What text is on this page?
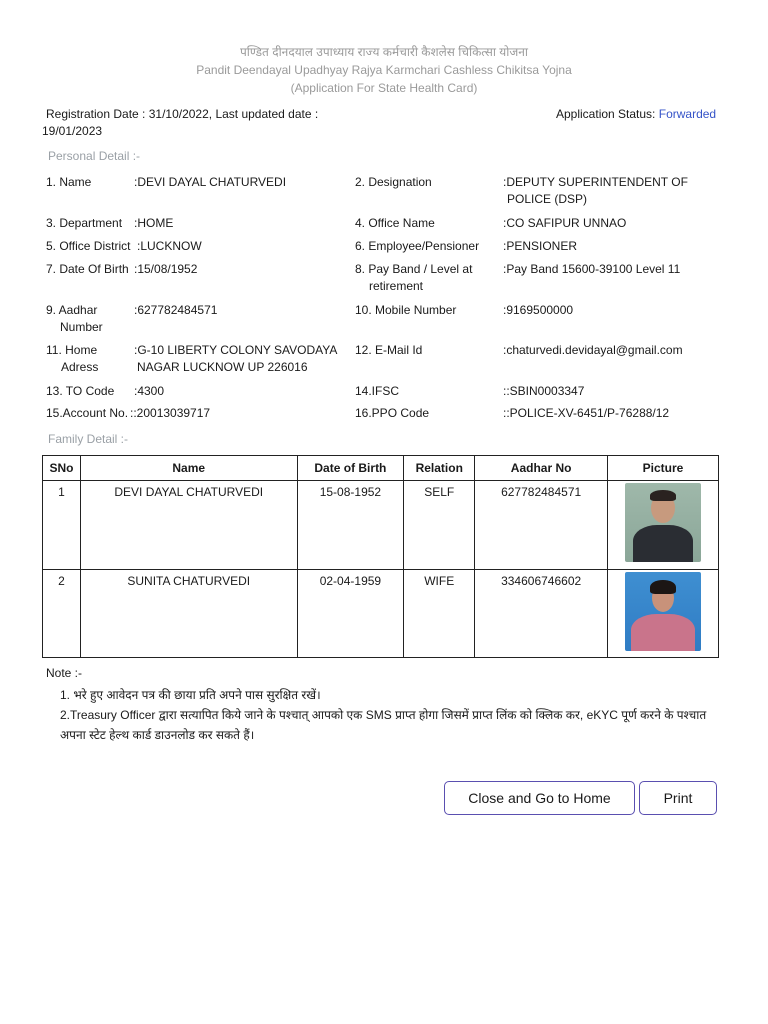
पण्डित दीनदयाल उपाध्याय राज्य कर्मचारी कैशलेस चिकित्सा योजना
Pandit Deendayal Upadhyay Rajya Karmchari Cashless Chikitsa Yojna
(Application For State Health Card)
Registration Date : 31/10/2022, Last updated date :
19/01/2023
Application Status: Forwarded
Personal Detail :-
1. Name	:DEVI DAYAL CHATURVEDI	2. Designation	:DEPUTY SUPERINTENDENT OF
POLICE (DSP)
3. Department :HOME	4. Office Name	:CO SAFIPUR UNNAO
5. Office District :LUCKNOW	6. Employee/Pensioner :PENSIONER
7. Date Of Birth :15/08/1952	8. Pay Band / Level at
retirement
:Pay Band 15600-39100 Level 11
9. Aadhar
Number
:627782484571	10. Mobile Number	:9169500000
11. Home
Adress
:G-10 LIBERTY COLONY SAVODAYA
NAGAR LUCKNOW UP 226016
12. E-Mail Id	:chaturvedi.devidayal@gmail.com
13. TO Code :4300	14.IFSC	::SBIN0003347
15.Account No. ::20013039717	16.PPO Code	::POLICE-XV-6451/P-76288/12
Family Detail :-
SNo	Name	Date of Birth	Relation	Aadhar No	Picture
1	DEVI DAYAL CHATURVEDI	15-08-1952	SELF	627782484571	

2	SUNITA CHATURVEDI	02-04-1959	WIFE	334606746602	
Note :-
1. भरे हुए आवेदन पत्र की छाया प्रति अपने पास सुरक्षित रखें।
2.Treasury Officer द्वारा सत्यापित किये जाने के पश्चात् आपको एक SMS प्राप्त होगा जिसमें प्राप्त लिंक को क्लिक कर, eKYC पूर्ण करने के पश्चात
अपना स्टेट हेल्थ कार्ड डाउनलोड कर सकते हैं।
Close and Go to Home	Print
